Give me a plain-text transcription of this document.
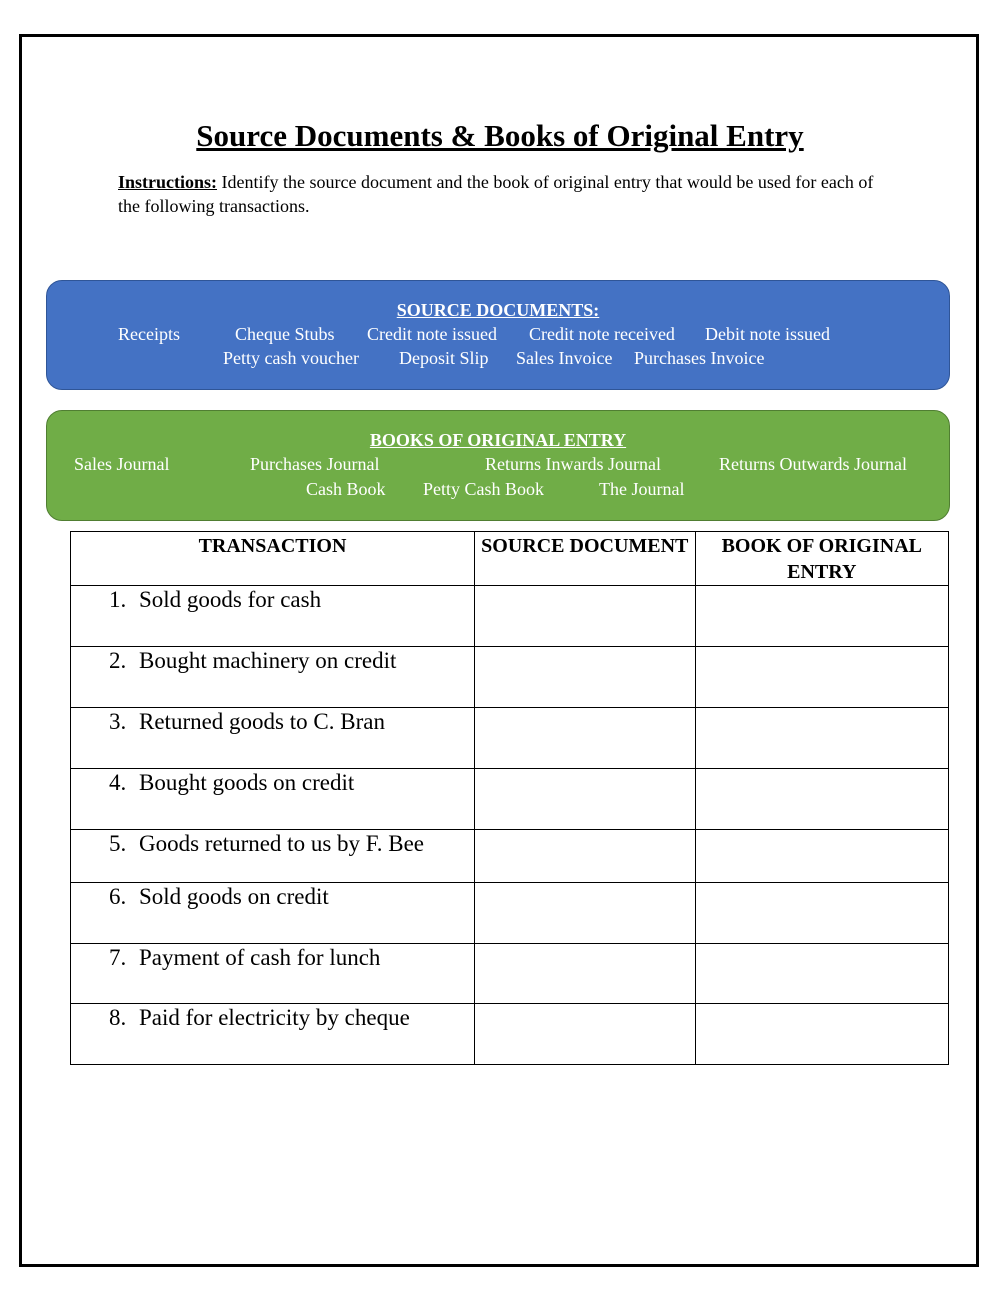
Source Documents & Books of Original Entry

Instructions: Identify the source document and the book of original entry that would be used for each of the following transactions.

SOURCE DOCUMENTS:
Receipts	Cheque Stubs Credit note issued Credit note received Debit note issued
Petty cash voucher Deposit Slip Sales Invoice Purchases Invoice
BOOKS OF ORIGINAL ENTRY
Sales Journal	Purchases Journal	Returns Inwards Journal	Returns Outwards Journal
Cash Book Petty Cash Book	The Journal
TRANSACTION	SOURCE DOCUMENT	BOOK OF ORIGINAL ENTRY

1. Sold goods for cash		

2. Bought machinery on credit		

3. Returned goods to C. Bran		

4. Bought goods on credit		

5. Goods returned to us by F. Bee		

6. Sold goods on credit		

7. Payment of cash for lunch		

8. Paid for electricity by cheque		
